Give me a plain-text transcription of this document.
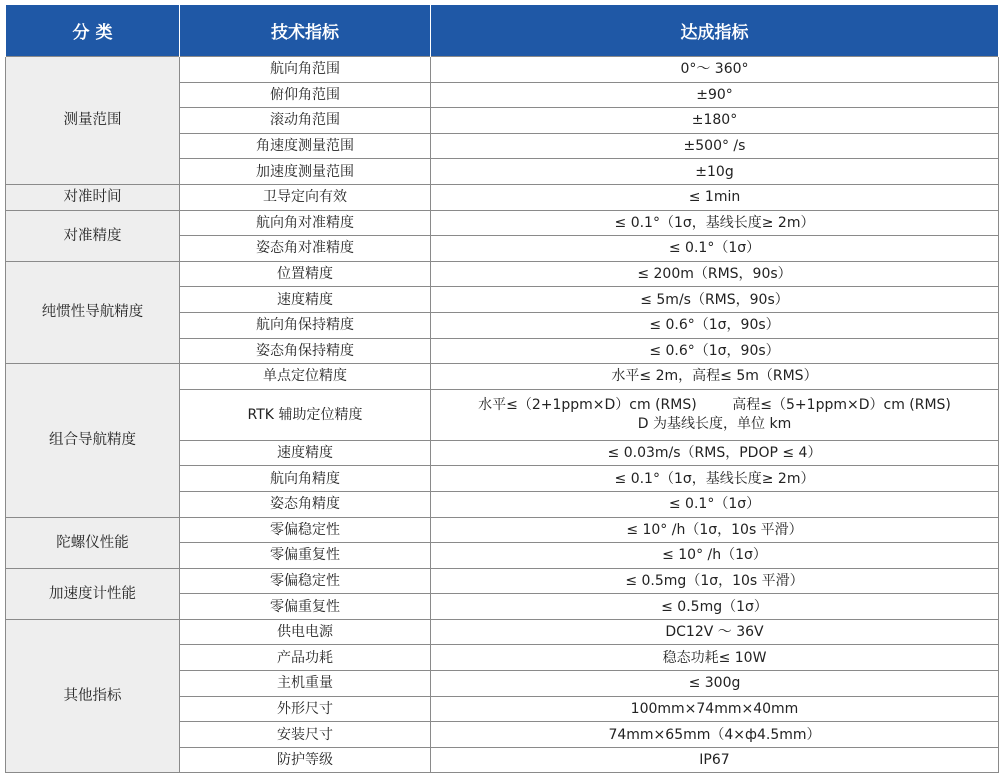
分 类	技术指标	达成指标
测量范围	航向角范围	0°～ 360°
	俯仰角范围	±90°
	滚动角范围	±180°
	角速度测量范围	±500° /s
	加速度测量范围	±10g
对准时间	卫导定向有效	≤ 1min
对准精度	航向角对准精度	≤ 0.1°（1σ，基线长度≥ 2m）
	姿态角对准精度	≤ 0.1°（1σ）
纯惯性导航精度	位置精度	≤ 200m（RMS，90s）
	速度精度	≤ 5m/s（RMS，90s）
	航向角保持精度	≤ 0.6°（1σ，90s）
	姿态角保持精度	≤ 0.6°（1σ，90s）
组合导航精度	单点定位精度	水平≤ 2m，高程≤ 5m（RMS）
	RTK 辅助定位精度	水平≤（2+1ppm×D）cm (RMS)        高程≤（5+1ppm×D）cm (RMS)
D 为基线长度，单位 km

	速度精度	≤ 0.03m/s（RMS，PDOP ≤ 4）
	航向角精度	≤ 0.1°（1σ，基线长度≥ 2m）
	姿态角精度	≤ 0.1°（1σ）
陀螺仪性能	零偏稳定性	≤ 10° /h（1σ，10s 平滑）
	零偏重复性	≤ 10° /h（1σ）
加速度计性能	零偏稳定性	≤ 0.5mg（1σ，10s 平滑）
	零偏重复性	≤ 0.5mg（1σ）
其他指标	供电电源	DC12V ～ 36V
	产品功耗	稳态功耗≤ 10W
	主机重量	≤ 300g
	外形尺寸	100mm×74mm×40mm
	安装尺寸	74mm×65mm（4×ф4.5mm）
	防护等级	IP67
